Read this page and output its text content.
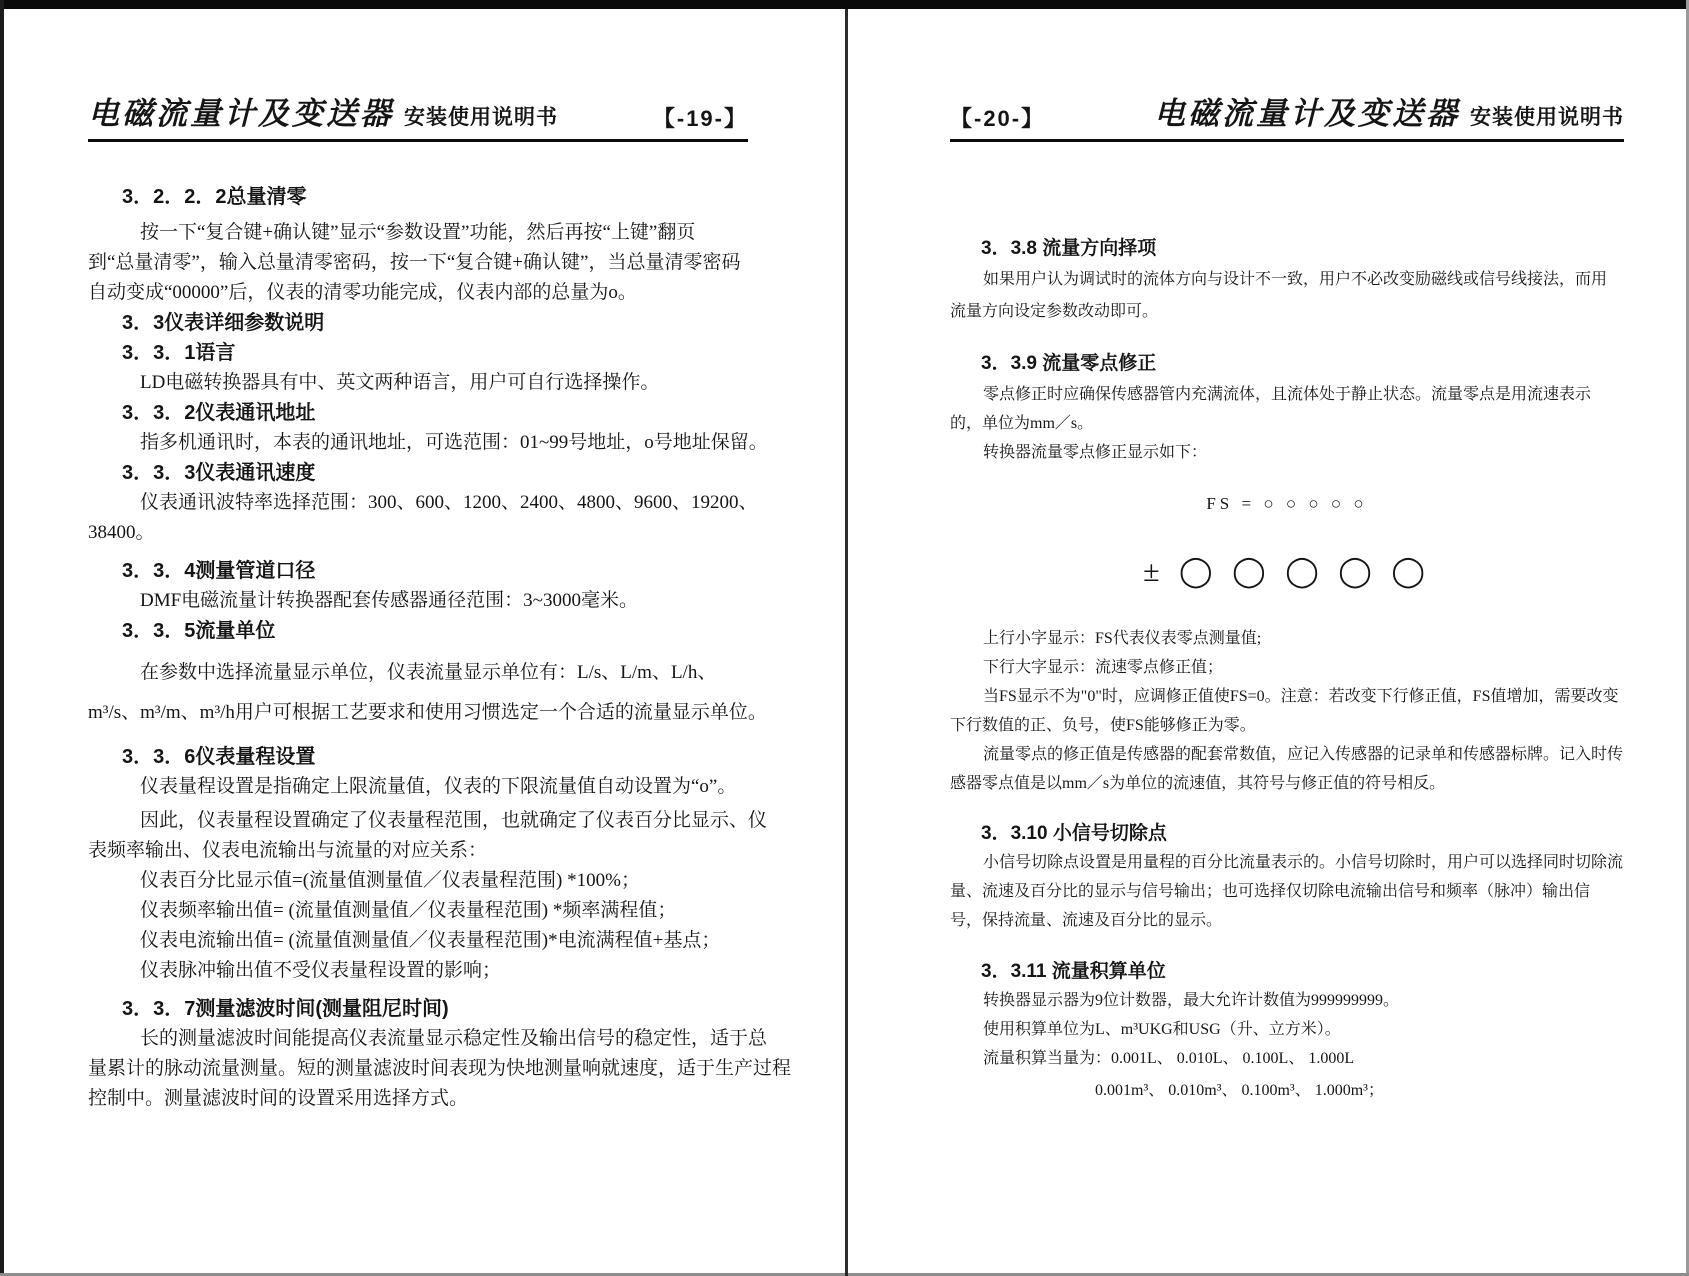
电磁流量计及变送器 安装使用说明书	【-19-】
3．2．2．2总量清零
按一下“复合键+确认键”显示“参数设置”功能，然后再按“上键”翻页
到“总量清零”，输入总量清零密码，按一下“复合键+确认键”，当总量清零密码
自动变成“00000”后，仪表的清零功能完成，仪表内部的总量为o。
3．3仪表详细参数说明
3．3．1语言
LD电磁转换器具有中、英文两种语言，用户可自行选择操作。
3．3．2仪表通讯地址
指多机通讯时，本表的通讯地址，可选范围：01~99号地址，o号地址保留。
3．3．3仪表通讯速度
仪表通讯波特率选择范围：300、600、1200、2400、4800、9600、19200、
38400。
3．3．4测量管道口径
DMF电磁流量计转换器配套传感器通径范围：3~3000毫米。
3．3．5流量单位
在参数中选择流量显示单位，仪表流量显示单位有：L/s、L/m、L/h、
m³/s、m³/m、m³/h用户可根据工艺要求和使用习惯选定一个合适的流量显示单位。
3．3．6仪表量程设置
仪表量程设置是指确定上限流量值，仪表的下限流量值自动设置为“o”。
因此，仪表量程设置确定了仪表量程范围，也就确定了仪表百分比显示、仪
表频率输出、仪表电流输出与流量的对应关系：
仪表百分比显示值=(流量值测量值／仪表量程范围) *100%；
仪表频率输出值= (流量值测量值／仪表量程范围) *频率满程值；
仪表电流输出值= (流量值测量值／仪表量程范围)*电流满程值+基点；
仪表脉冲输出值不受仪表量程设置的影响；
3．3．7测量滤波时间(测量阻尼时间)
长的测量滤波时间能提高仪表流量显示稳定性及输出信号的稳定性，适于总
量累计的脉动流量测量。短的测量滤波时间表现为快地测量响就速度，适于生产过程
控制中。测量滤波时间的设置采用选择方式。
【-20-】	电磁流量计及变送器 安装使用说明书
3．3.8 流量方向择项
如果用户认为调试时的流体方向与设计不一致，用户不必改变励磁线或信号线接法，而用
流量方向设定参数改动即可。
3．3.9 流量零点修正
零点修正时应确保传感器管内充满流体，且流体处于静止状态。流量零点是用流速表示
的，单位为mm／s。
转换器流量零点修正显示如下：
FS = ○ ○ ○ ○ ○
± ◯ ◯ ◯ ◯ ◯
上行小字显示：FS代表仪表零点测量值;
下行大字显示：流速零点修正值；
当FS显示不为"0"时，应调修正值使FS=0。注意：若改变下行修正值，FS值增加，需要改变
下行数值的正、负号，使FS能够修正为零。
流量零点的修正值是传感器的配套常数值，应记入传感器的记录单和传感器标牌。记入时传
感器零点值是以mm／s为单位的流速值，其符号与修正值的符号相反。
3．3.10 小信号切除点
小信号切除点设置是用量程的百分比流量表示的。小信号切除时，用户可以选择同时切除流
量、流速及百分比的显示与信号输出；也可选择仅切除电流输出信号和频率（脉冲）输出信
号，保持流量、流速及百分比的显示。
3．3.11 流量积算单位
转换器显示器为9位计数器，最大允许计数值为999999999。
使用积算单位为L、m³UKG和USG（升、立方米）。
流量积算当量为：0.001L、 0.010L、 0.100L、 1.000L
0.001m³、 0.010m³、 0.100m³、 1.000m³；
